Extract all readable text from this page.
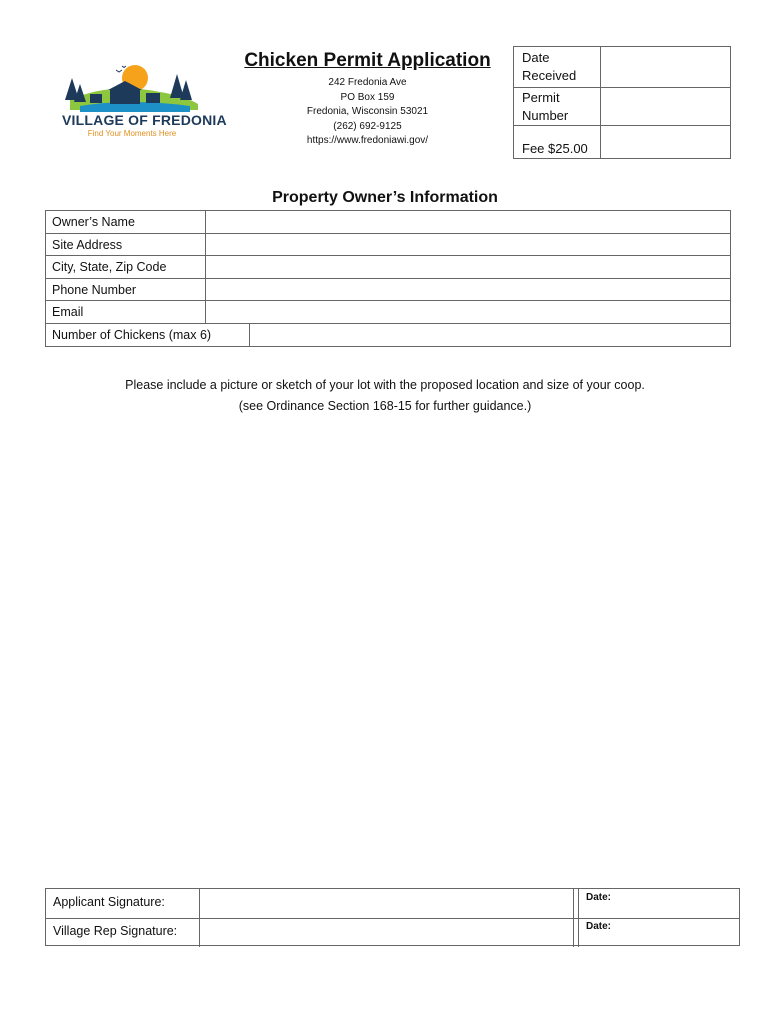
VILLAGE OF FREDONIA
Find Your Moments Here
Chicken Permit Application
242 Fredonia Ave
PO Box 159
Fredonia, Wisconsin 53021
(262) 692-9125
https://www.fredoniawi.gov/
Date
Received
Permit
Number
Fee $25.00
Property Owner’s Information
Owner’s Name
Site Address
City, State, Zip Code
Phone Number
Email
Number of Chickens (max 6)
Please include a picture or sketch of your lot with the proposed location and size of your coop.
(see Ordinance Section 168-15 for further guidance.)
Applicant Signature:	Date:
Village Rep Signature:	Date:
